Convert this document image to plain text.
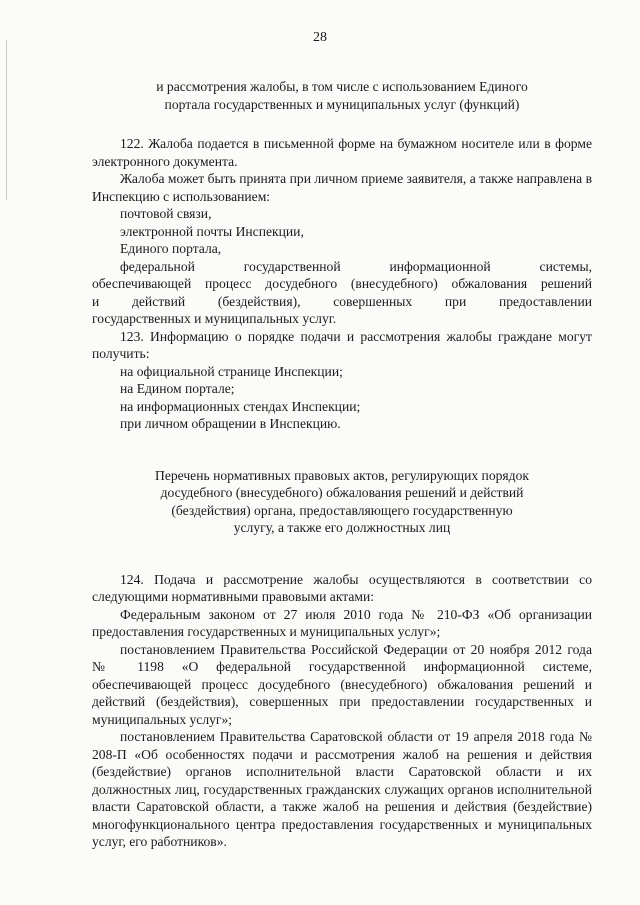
28
и рассмотрения жалобы, в том числе с использованием Единого
портала государственных и муниципальных услуг (функций)

122. Жалоба подается в письменной форме на бумажном носителе или в форме электронного документа.

Жалоба может быть принята при личном приеме заявителя, а также направлена в Инспекцию с использованием:

почтовой связи,
электронной почты Инспекции,
Единого портала,
федеральной государственной информационной системы,
обеспечивающей процесс досудебного (внесудебного) обжалования решений
и действий (бездействия), совершенных при предоставлении
государственных и муниципальных услуг.

123. Информацию о порядке подачи и рассмотрения жалобы граждане могут получить:

на официальной странице Инспекции;
на Едином портале;
на информационных стендах Инспекции;
при личном обращении в Инспекцию.
Перечень нормативных правовых актов, регулирующих порядок
досудебного (внесудебного) обжалования решений и действий
(бездействия) органа, предоставляющего государственную
услугу, а также его должностных лиц

124. Подача и рассмотрение жалобы осуществляются в соответствии со следующими нормативными правовыми актами:

Федеральным законом от 27 июля 2010 года № 210-ФЗ «Об организации предоставления государственных и муниципальных услуг»;

постановлением Правительства Российской Федерации от 20 ноября 2012 года № 1198 «О федеральной государственной информационной системе, обеспечивающей процесс досудебного (внесудебного) обжалования решений и действий (бездействия), совершенных при предоставлении государственных и муниципальных услуг»;

постановлением Правительства Саратовской области от 19 апреля 2018 года № 208-П «Об особенностях подачи и рассмотрения жалоб на решения и действия (бездействие) органов исполнительной власти Саратовской области и их должностных лиц, государственных гражданских служащих органов исполнительной власти Саратовской области, а также жалоб на решения и действия (бездействие) многофункционального центра предоставления государственных и муниципальных услуг, его работников».
